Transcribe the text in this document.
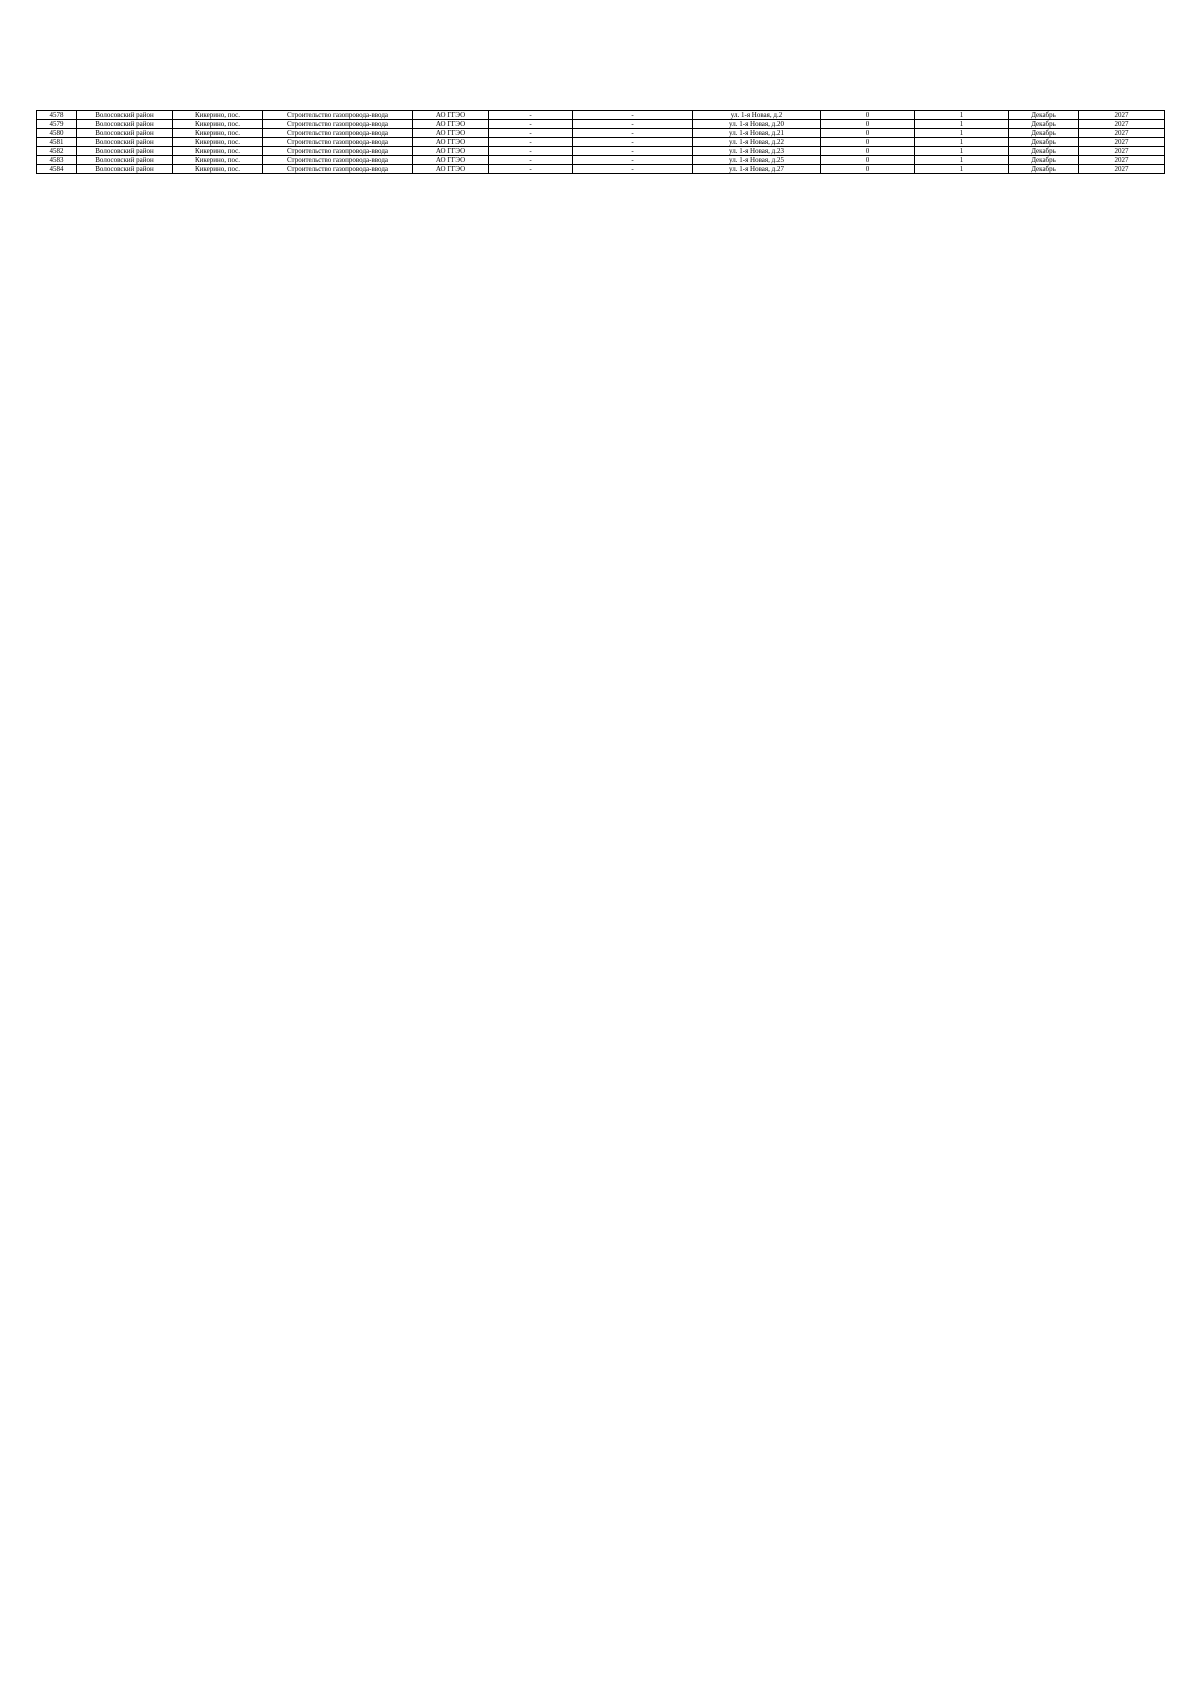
4578	Волосовский район	Кикерино, пос.	Строительство газопровода-ввода	АО ГГЭО	-	-	ул. 1-я Новая, д.2	0	1	Декабрь	2027
4579	Волосовский район	Кикерино, пос.	Строительство газопровода-ввода	АО ГГЭО	-	-	ул. 1-я Новая, д.20	0	1	Декабрь	2027
4580	Волосовский район	Кикерино, пос.	Строительство газопровода-ввода	АО ГГЭО	-	-	ул. 1-я Новая, д.21	0	1	Декабрь	2027
4581	Волосовский район	Кикерино, пос.	Строительство газопровода-ввода	АО ГГЭО	-	-	ул. 1-я Новая, д.22	0	1	Декабрь	2027
4582	Волосовский район	Кикерино, пос.	Строительство газопровода-ввода	АО ГГЭО	-	-	ул. 1-я Новая, д.23	0	1	Декабрь	2027
4583	Волосовский район	Кикерино, пос.	Строительство газопровода-ввода	АО ГГЭО	-	-	ул. 1-я Новая, д.25	0	1	Декабрь	2027
4584	Волосовский район	Кикерино, пос.	Строительство газопровода-ввода	АО ГГЭО	-	-	ул. 1-я Новая, д.27	0	1	Декабрь	2027
